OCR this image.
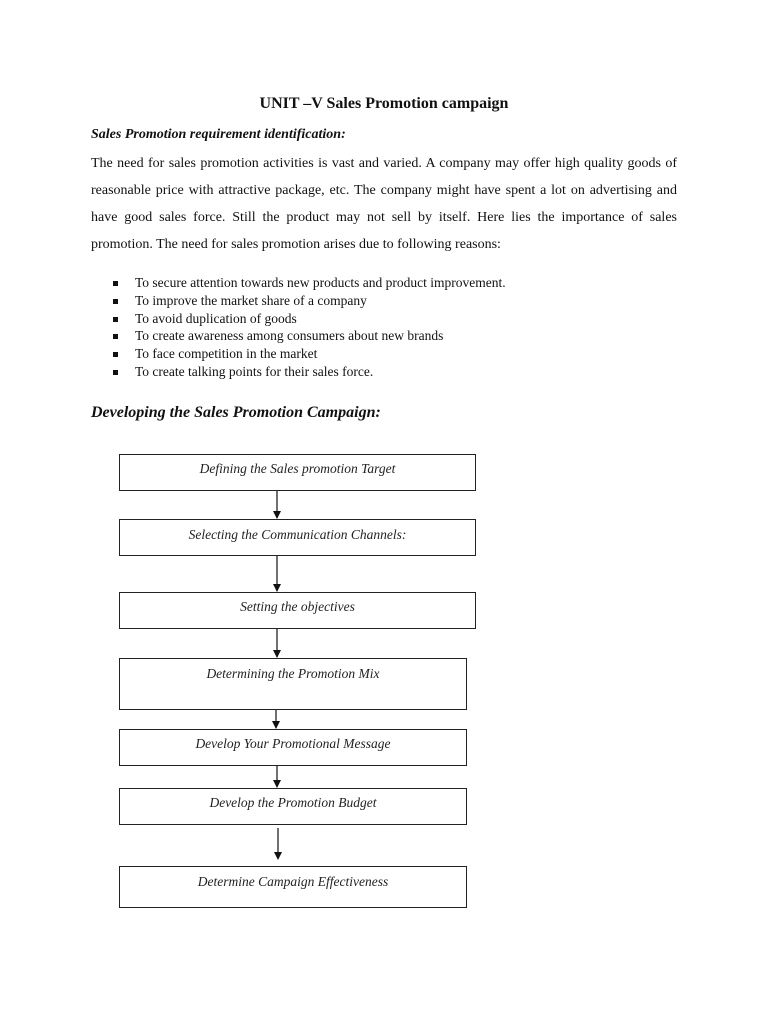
UNIT –V Sales Promotion campaign
Sales Promotion requirement identification:

The need for sales promotion activities is vast and varied. A company may offer high quality goods of reasonable price with attractive package, etc. The company might have spent a lot on advertising and have good sales force. Still the product may not sell by itself. Here lies the importance of sales promotion. The need for sales promotion arises due to following reasons:

To secure attention towards new products and product improvement.
To improve the market share of a company
To avoid duplication of goods
To create awareness among consumers about new brands
To face competition in the market
To create talking points for their sales force.
Developing the Sales Promotion Campaign:
Defining the Sales promotion Target
Selecting the Communication Channels:
Setting the objectives
Determining the Promotion Mix
Develop Your Promotional Message
Develop the Promotion Budget
Determine Campaign Effectiveness
